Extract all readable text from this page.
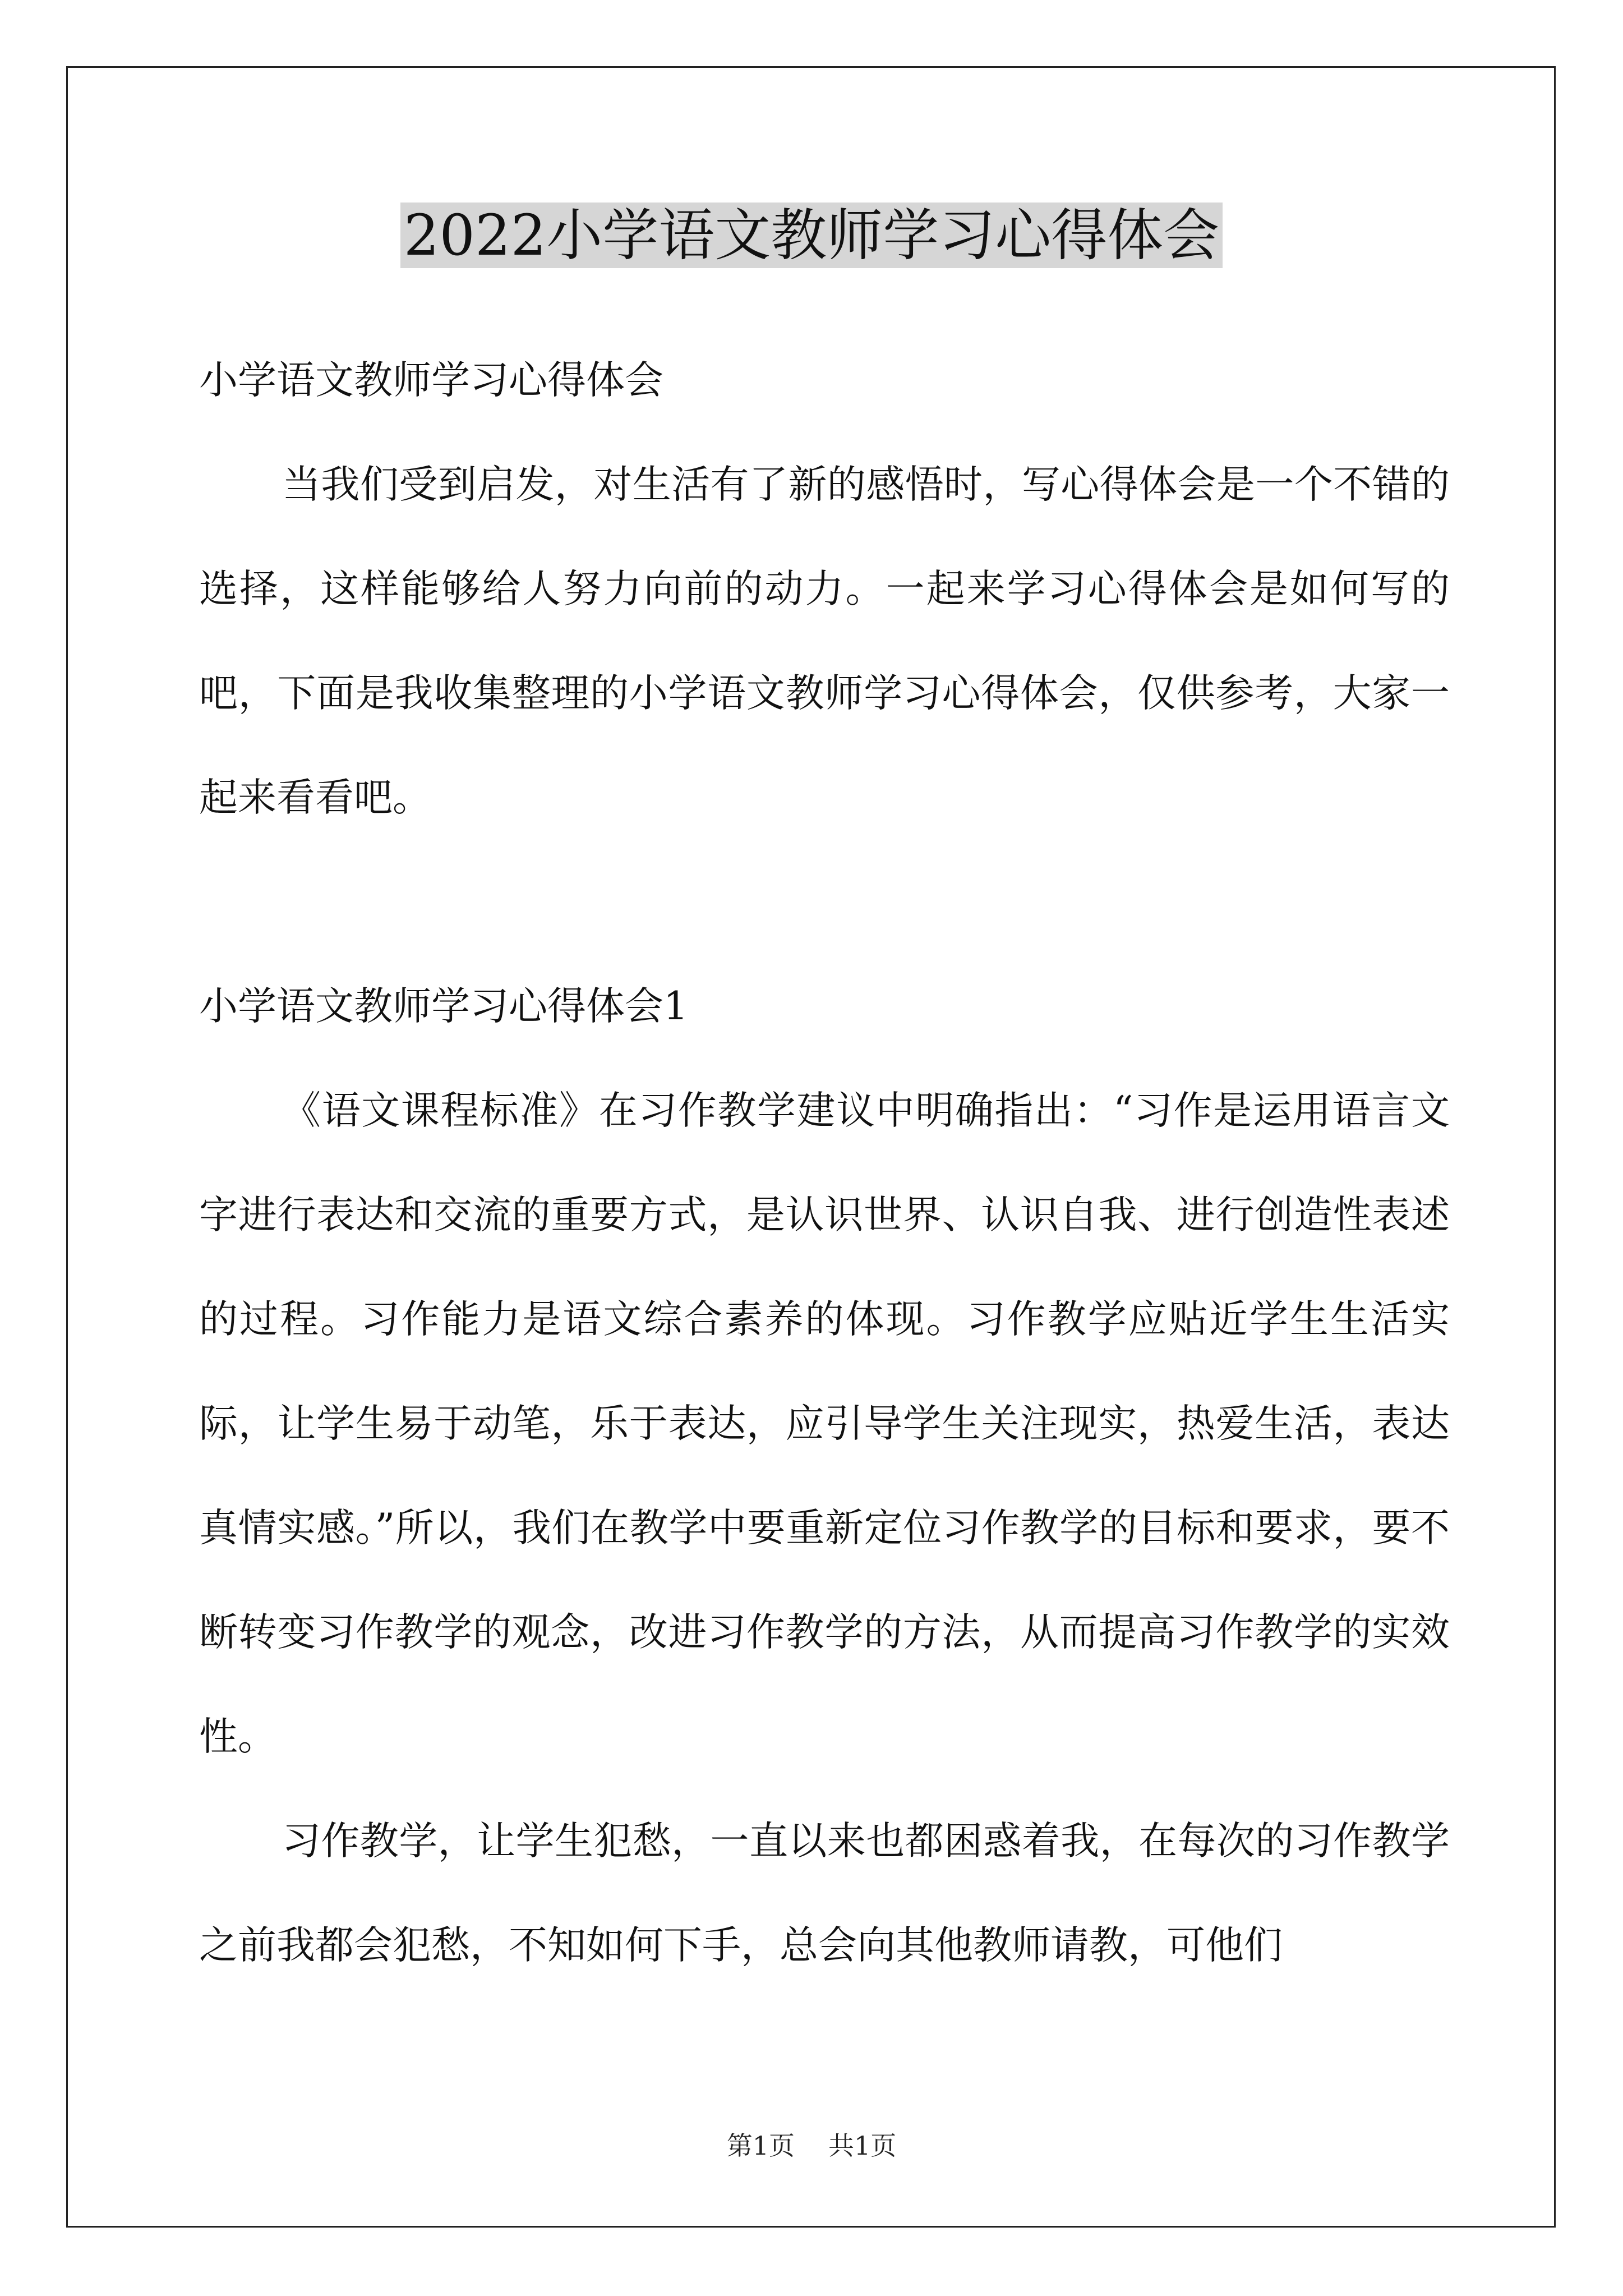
2022小学语文教师学习心得体会

小学语文教师学习心得体会

当我们受到启发，对生活有了新的感悟时，写心得体会是一个不错的选择，这样能够给人努力向前的动力。一起来学习心得体会是如何写的吧，下面是我收集整理的小学语文教师学习心得体会，仅供参考，大家一起来看看吧。

小学语文教师学习心得体会1

《语文课程标准》在习作教学建议中明确指出：“习作是运用语言文字进行表达和交流的重要方式，是认识世界、认识自我、进行创造性表述的过程。习作能力是语文综合素养的体现。习作教学应贴近学生生活实际，让学生易于动笔，乐于表达，应引导学生关注现实，热爱生活，表达真情实感。”所以，我们在教学中要重新定位习作教学的目标和要求，要不断转变习作教学的观念，改进习作教学的方法，从而提高习作教学的实效性。

习作教学，让学生犯愁，一直以来也都困惑着我，在每次的习作教学之前我都会犯愁，不知如何下手，总会向其他教师请教，可他们

第1页 共1页
